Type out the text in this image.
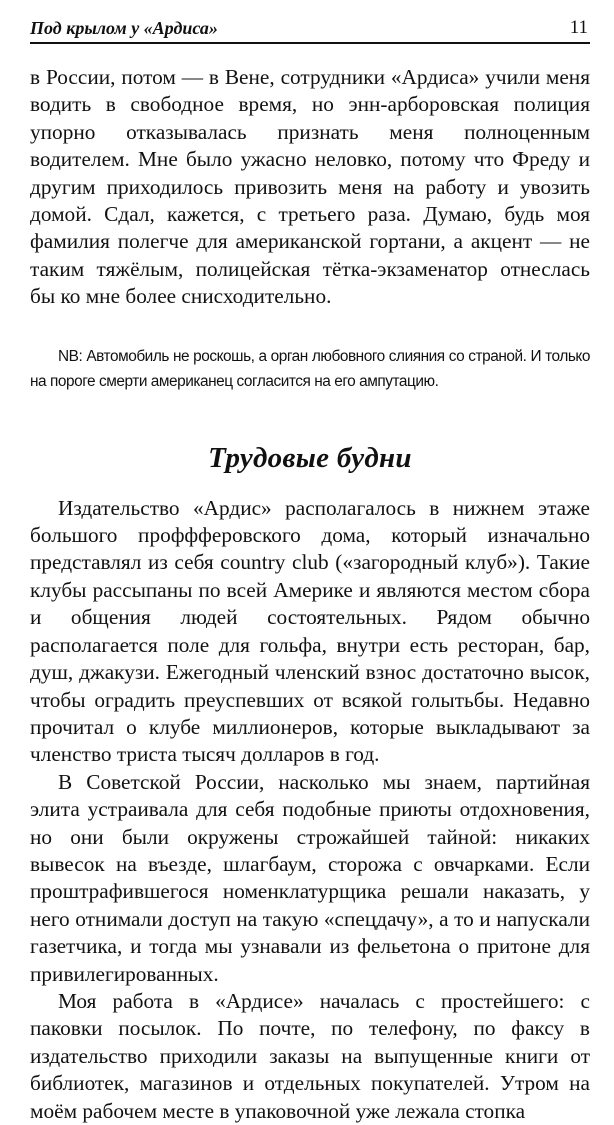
Под крылом у «Ардиса»	11

в России, потом — в Вене, сотрудники «Ардиса» учили меня водить в свободное время, но энн-арборовская полиция упорно отказывалась признать меня полноценным водителем. Мне было ужасно неловко, потому что Фреду и другим приходилось привозить меня на работу и увозить домой. Сдал, кажется, с третьего раза. Думаю, будь моя фамилия полегче для американской гортани, а акцент — не таким тяжёлым, полицейская тётка-экзаменатор отнеслась бы ко мне более снисходительно.

NB: Автомобиль не роскошь, а орган любовного слияния со страной. И только на пороге смерти американец согласится на его ампутацию.

Трудовые будни

Издательство «Ардис» располагалось в нижнем этаже большого проффферовского дома, который изначально представлял из себя country club («загородный клуб»). Такие клубы рассыпаны по всей Америке и являются местом сбора и общения людей состоятельных. Рядом обычно располагается поле для гольфа, внутри есть ресторан, бар, душ, джакузи. Ежегодный членский взнос достаточно высок, чтобы оградить преуспевших от всякой голытьбы. Недавно прочитал о клубе миллионеров, которые выкладывают за членство триста тысяч долларов в год.

В Советской России, насколько мы знаем, партийная элита устраивала для себя подобные приюты отдохновения, но они были окружены строжайшей тайной: никаких вывесок на въезде, шлагбаум, сторожа с овчарками. Если проштрафившегося номенклатурщика решали наказать, у него отнимали доступ на такую «спецдачу», а то и напускали газетчика, и тогда мы узнавали из фельетона о притоне для привилегированных.

Моя работа в «Ардисе» началась с простейшего: с паковки посылок. По почте, по телефону, по факсу в издательство приходили заказы на выпущенные книги от библиотек, магазинов и отдельных покупателей. Утром на моём рабочем месте в упаковочной уже лежала стопка
